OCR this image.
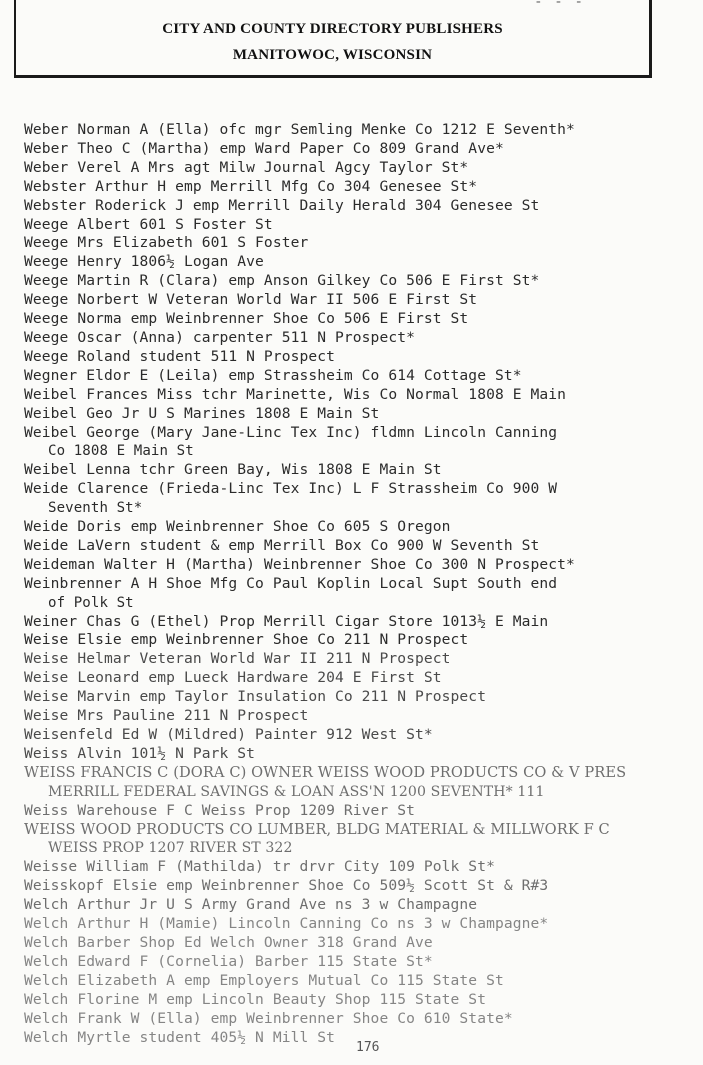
- - -
CITY AND COUNTY DIRECTORY PUBLISHERS
MANITOWOC, WISCONSIN
Weber Norman A (Ella) ofc mgr Semling Menke Co 1212 E Seventh*
Weber Theo C (Martha) emp Ward Paper Co 809 Grand Ave*
Weber Verel A Mrs agt Milw Journal Agcy Taylor St*
Webster Arthur H emp Merrill Mfg Co 304 Genesee St*
Webster Roderick J emp Merrill Daily Herald 304 Genesee St
Weege Albert 601 S Foster St
Weege Mrs Elizabeth 601 S Foster
Weege Henry 1806½ Logan Ave
Weege Martin R (Clara) emp Anson Gilkey Co 506 E First St*
Weege Norbert W Veteran World War II 506 E First St
Weege Norma emp Weinbrenner Shoe Co 506 E First St
Weege Oscar (Anna) carpenter 511 N Prospect*
Weege Roland student 511 N Prospect
Wegner Eldor E (Leila) emp Strassheim Co 614 Cottage St*
Weibel Frances Miss tchr Marinette, Wis Co Normal 1808 E Main
Weibel Geo Jr U S Marines 1808 E Main St
Weibel George (Mary Jane-Linc Tex Inc) fldmn Lincoln Canning
Co 1808 E Main St
Weibel Lenna tchr Green Bay, Wis 1808 E Main St
Weide Clarence (Frieda-Linc Tex Inc) L F Strassheim Co 900 W
Seventh St*
Weide Doris emp Weinbrenner Shoe Co 605 S Oregon
Weide LaVern student & emp Merrill Box Co 900 W Seventh St
Weideman Walter H (Martha) Weinbrenner Shoe Co 300 N Prospect*
Weinbrenner A H Shoe Mfg Co Paul Koplin Local Supt South end
of Polk St
Weiner Chas G (Ethel) Prop Merrill Cigar Store 1013½ E Main
Weise Elsie emp Weinbrenner Shoe Co 211 N Prospect
Weise Helmar Veteran World War II 211 N Prospect
Weise Leonard emp Lueck Hardware 204 E First St
Weise Marvin emp Taylor Insulation Co 211 N Prospect
Weise Mrs Pauline 211 N Prospect
Weisenfeld Ed W (Mildred) Painter 912 West St*
Weiss Alvin 101½ N Park St
WEISS FRANCIS C (DORA C) OWNER WEISS WOOD PRODUCTS CO & V PRES
MERRILL FEDERAL SAVINGS & LOAN ASS'N 1200 SEVENTH* 111
Weiss Warehouse F C Weiss Prop 1209 River St
WEISS WOOD PRODUCTS CO LUMBER, BLDG MATERIAL & MILLWORK F C
WEISS PROP 1207 RIVER ST 322
Weisse William F (Mathilda) tr drvr City 109 Polk St*
Weisskopf Elsie emp Weinbrenner Shoe Co 509½ Scott St & R#3
Welch Arthur Jr U S Army Grand Ave ns 3 w Champagne
Welch Arthur H (Mamie) Lincoln Canning Co ns 3 w Champagne*
Welch Barber Shop Ed Welch Owner 318 Grand Ave
Welch Edward F (Cornelia) Barber 115 State St*
Welch Elizabeth A emp Employers Mutual Co 115 State St
Welch Florine M emp Lincoln Beauty Shop 115 State St
Welch Frank W (Ella) emp Weinbrenner Shoe Co 610 State*
Welch Myrtle student 405½ N Mill St
176
